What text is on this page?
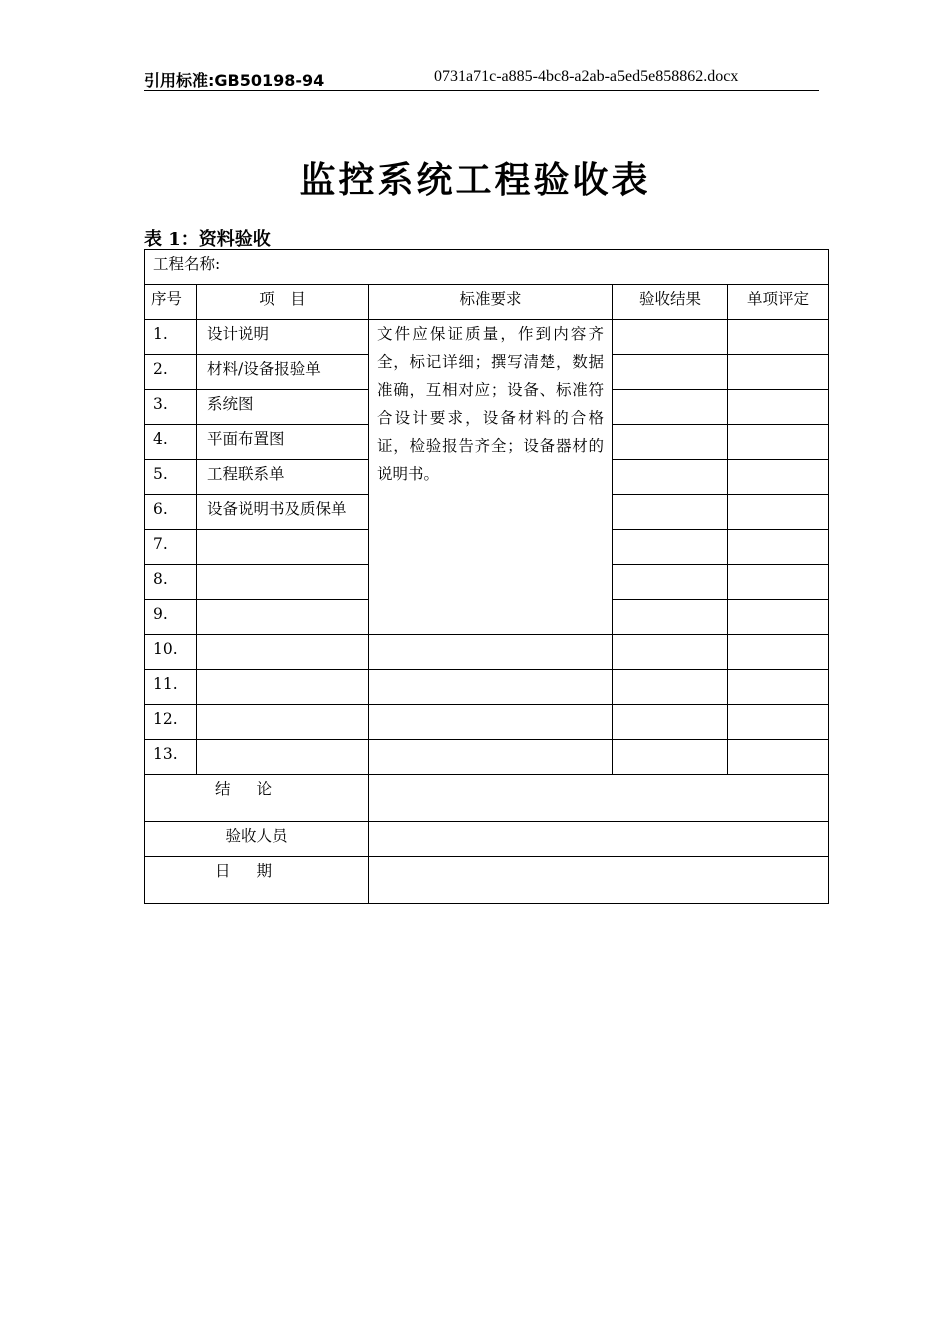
引用标准:GB50198-94	0731a71c-a885-4bc8-a2ab-a5ed5e858862.docx
监控系统工程验收表
表 1：资料验收
工程名称:				
序号	项　目	标准要求	验收结果	单项评定
1.	设计说明	文件应保证质量，作到内容齐全，标记详细；撰写清楚，数据准确，互相对应；设备、标准符合设计要求，设备材料的合格证，检验报告齐全；设备器材的说明书。		
2.	材料/设备报验单			
3.	系统图			
4.	平面布置图			
5.	工程联系单			
6.	设备说明书及质保单			
7.				
8.				
9.				
10.				
11.				
12.				
13.				
结论				
验收人员				
日期				
